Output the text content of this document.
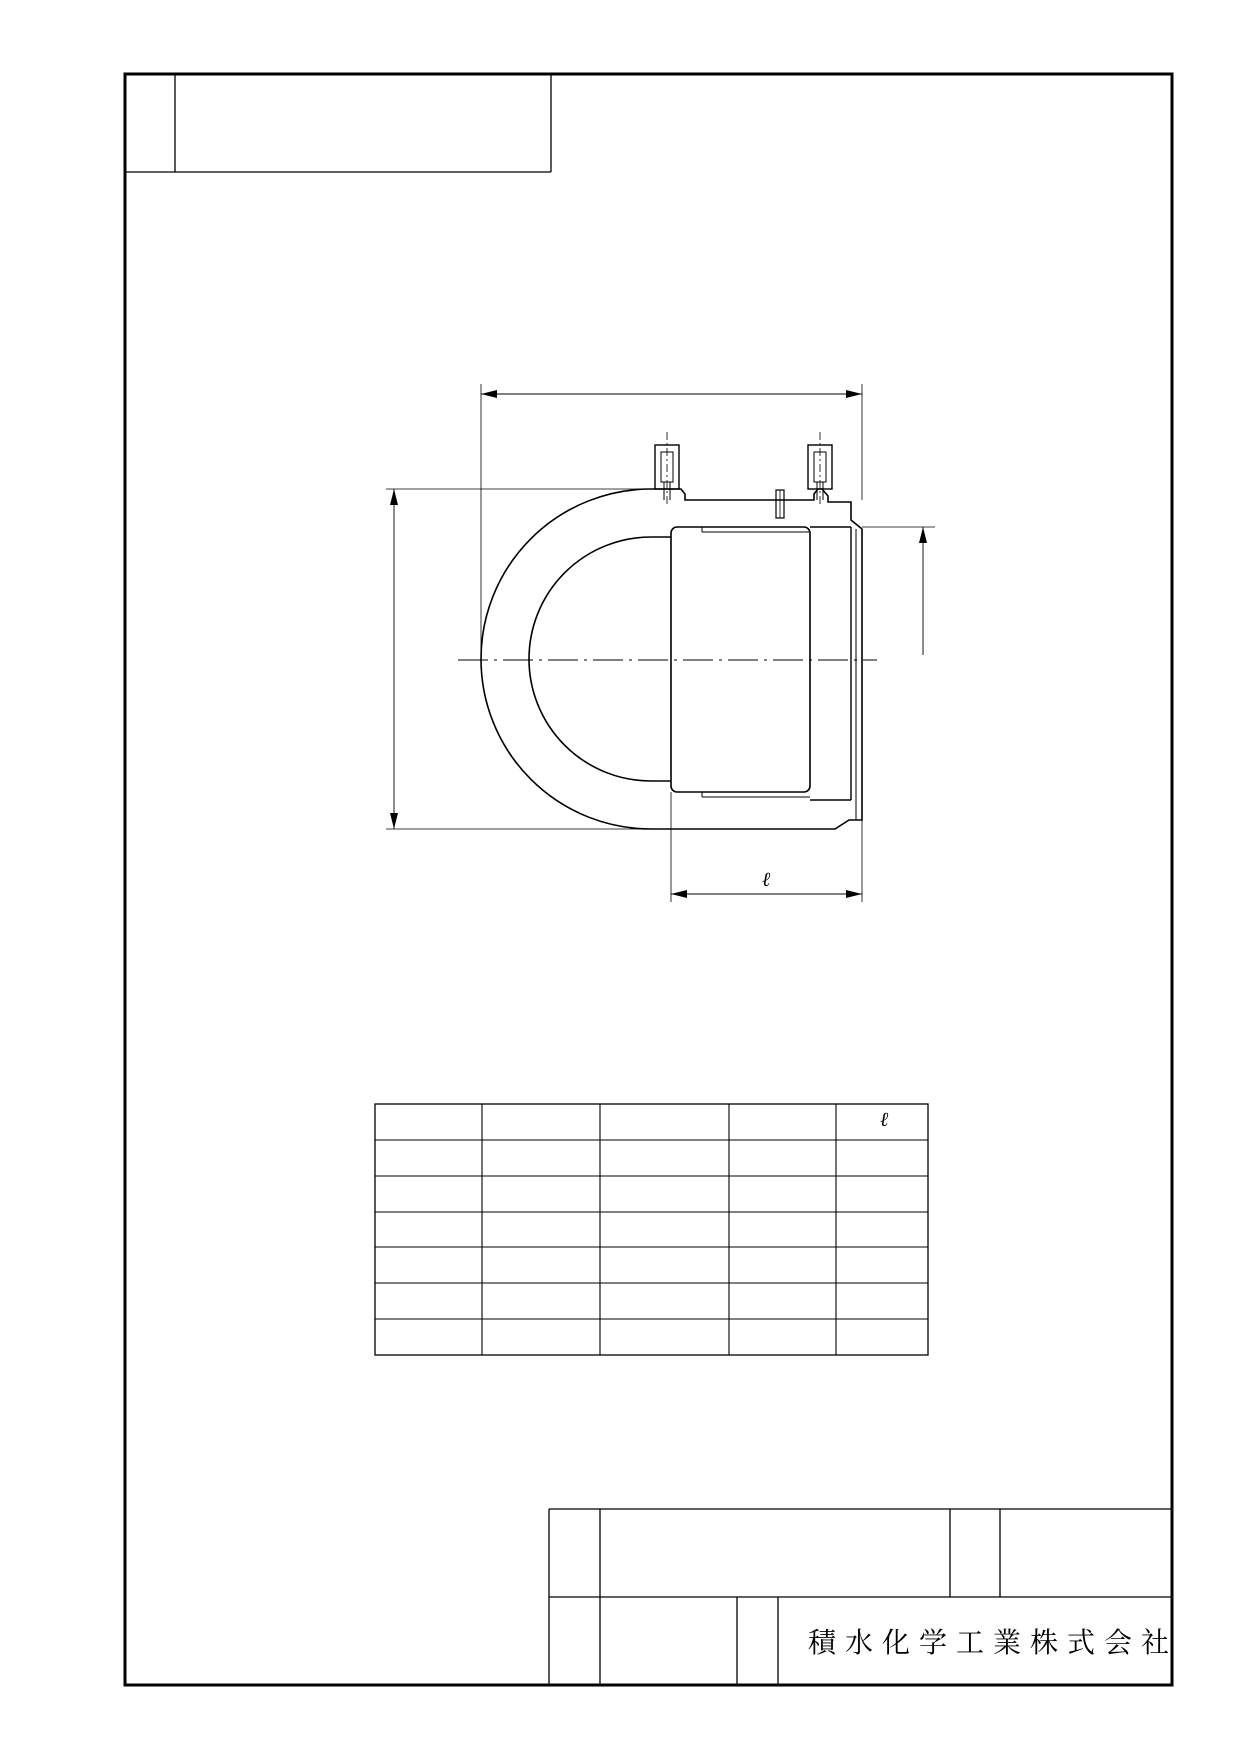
ℓ
ℓ
積水化学工業株式会社
